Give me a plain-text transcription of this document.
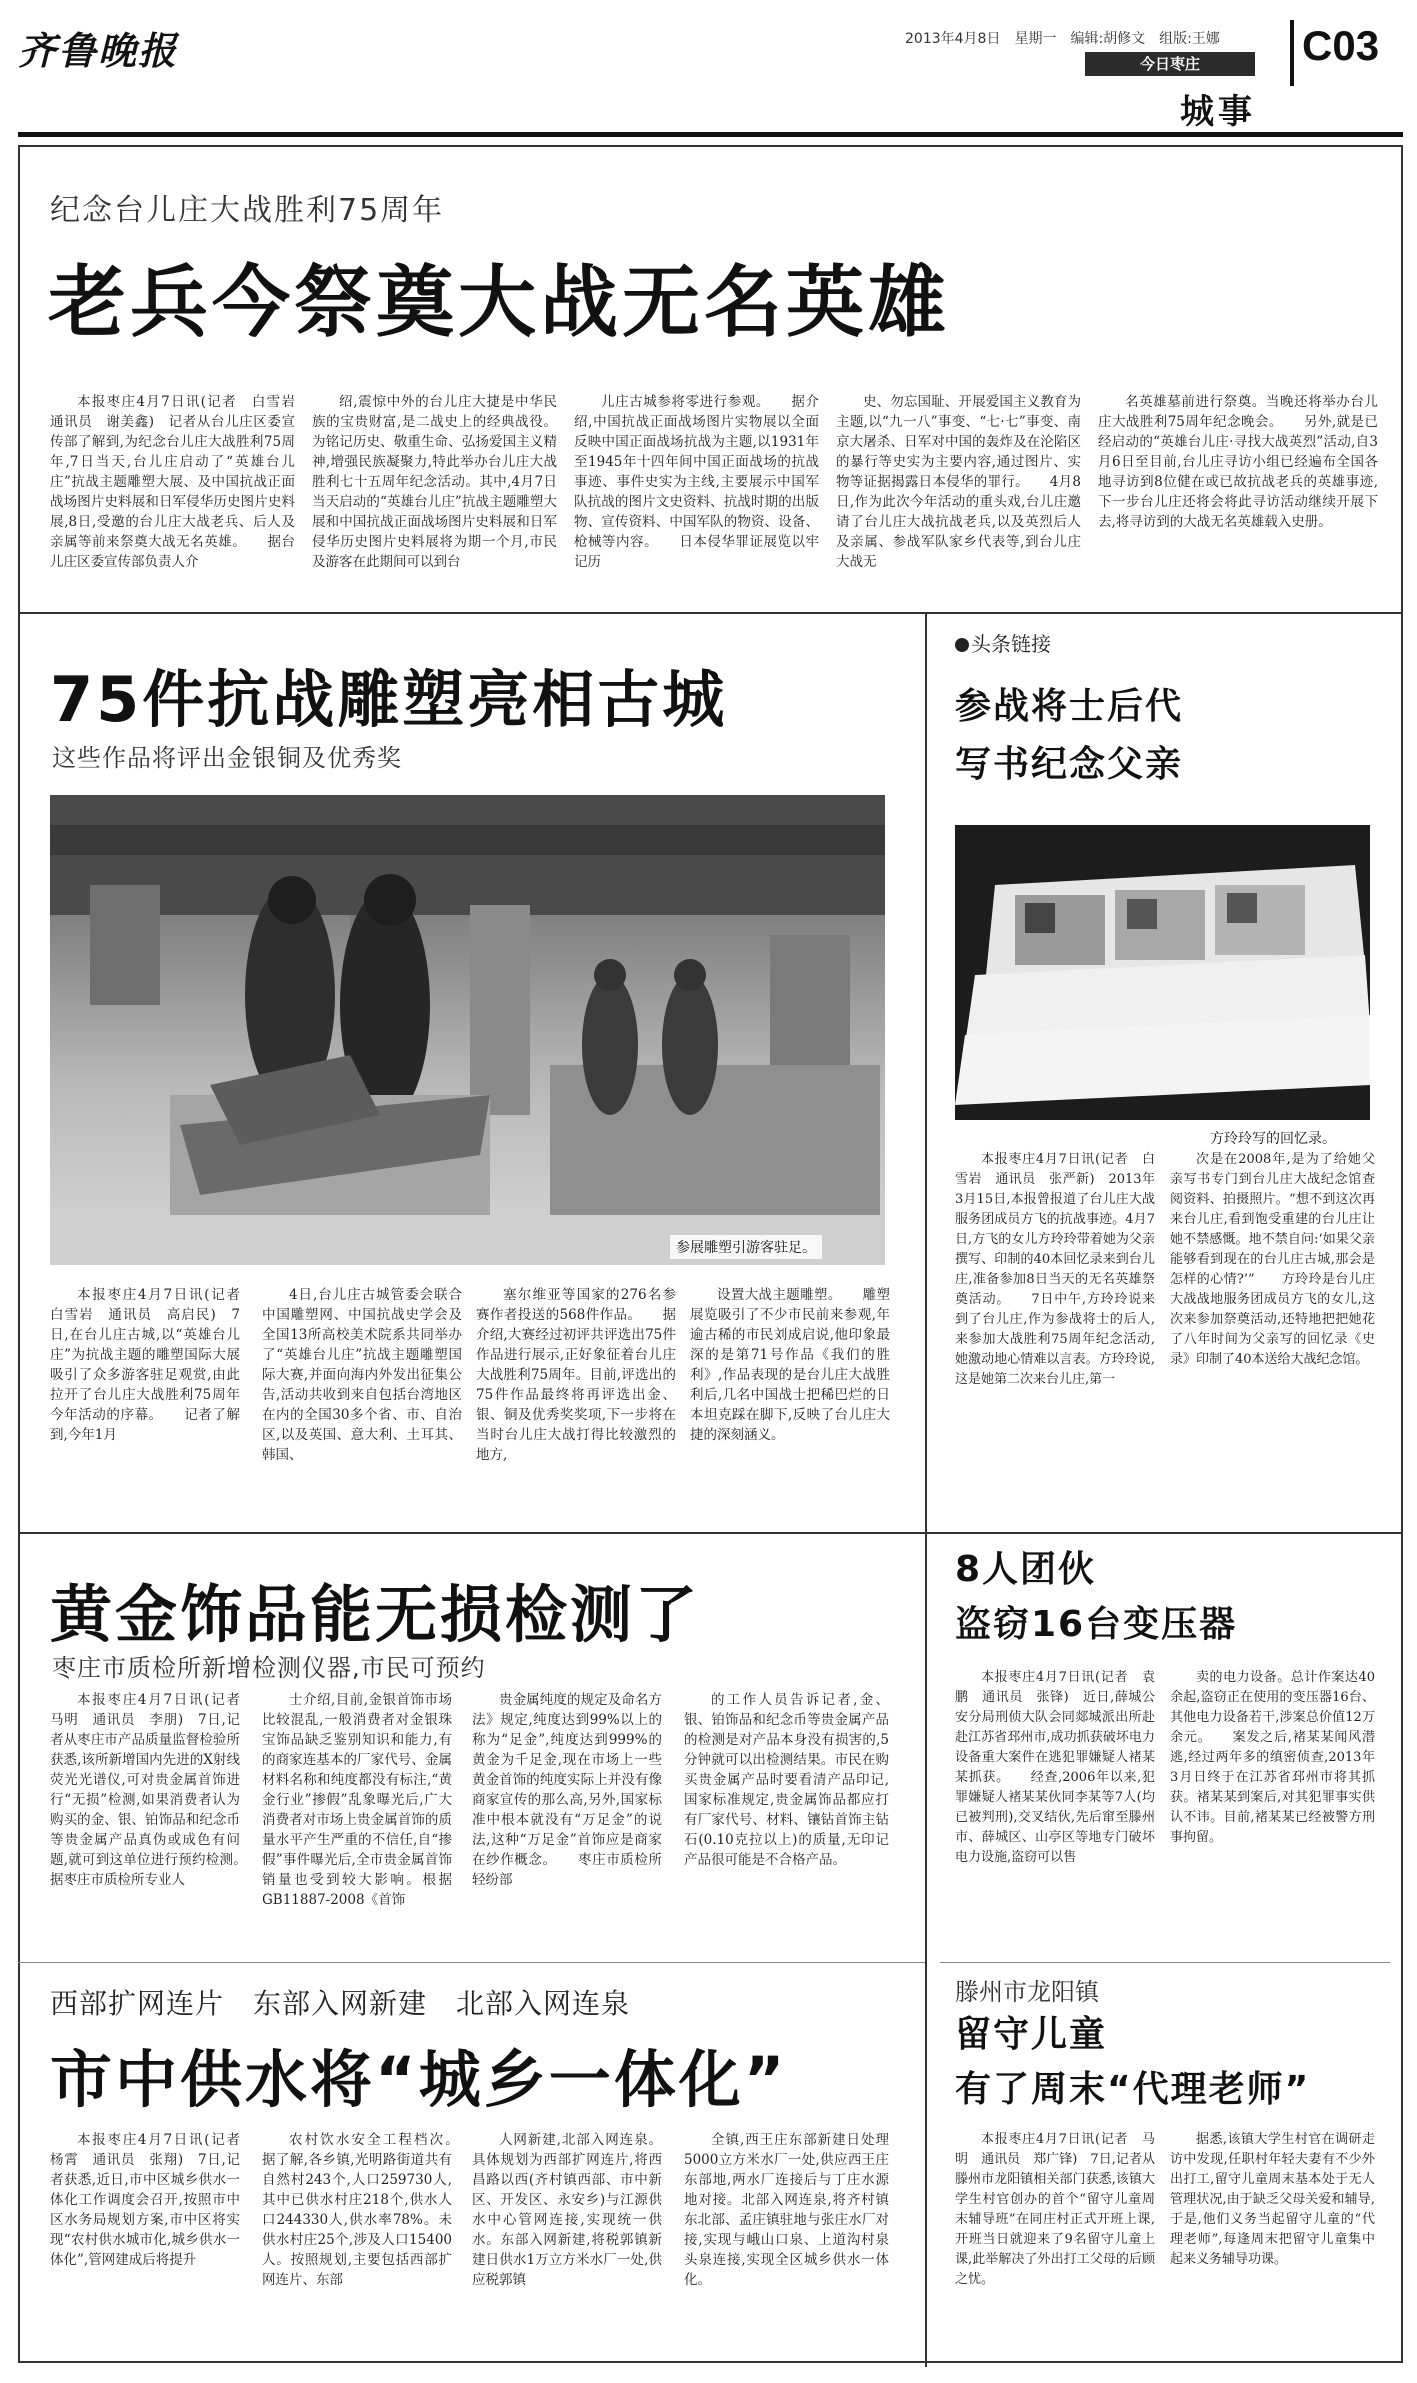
齐鲁晚报	2013年4月8日　星期一　编辑:胡修文　组版:王娜
今日枣庄
城事
C03
纪念台儿庄大战胜利75周年
老兵今祭奠大战无名英雄

本报枣庄4月7日讯(记者　白雪岩　通讯员　谢美鑫)　记者从台儿庄区委宣传部了解到,为纪念台儿庄大战胜利75周年,7日当天,台儿庄启动了“英雄台儿庄”抗战主题雕塑大展、及中国抗战正面战场图片史料展和日军侵华历史图片史料展,8日,受邀的台儿庄大战老兵、后人及亲属等前来祭奠大战无名英雄。　　据台儿庄区委宣传部负责人介

绍,震惊中外的台儿庄大捷是中华民族的宝贵财富,是二战史上的经典战役。为铭记历史、敬重生命、弘扬爱国主义精神,增强民族凝聚力,特此举办台儿庄大战胜利七十五周年纪念活动。其中,4月7日当天启动的“英雄台儿庄”抗战主题雕塑大展和中国抗战正面战场图片史料展和日军侵华历史图片史料展将为期一个月,市民及游客在此期间可以到台

儿庄古城参将零进行参观。　　据介绍,中国抗战正面战场图片实物展以全面反映中国正面战场抗战为主题,以1931年至1945年十四年间中国正面战场的抗战事迹、事件史实为主线,主要展示中国军队抗战的图片文史资料、抗战时期的出版物、宣传资料、中国军队的物资、设备、枪械等内容。　　日本侵华罪证展览以牢记历

史、勿忘国耻、开展爱国主义教育为主题,以“九一八”事变、“七·七”事变、南京大屠杀、日军对中国的轰炸及在沦陷区的暴行等史实为主要内容,通过图片、实物等证据揭露日本侵华的罪行。　　4月8日,作为此次今年活动的重头戏,台儿庄邀请了台儿庄大战抗战老兵,以及英烈后人及亲属、参战军队家乡代表等,到台儿庄大战无

名英雄墓前进行祭奠。当晚还将举办台儿庄大战胜利75周年纪念晚会。　　另外,就是已经启动的“英雄台儿庄·寻找大战英烈”活动,自3月6日至目前,台儿庄寻访小组已经遍布全国各地寻访到8位健在或已故抗战老兵的英雄事迹,下一步台儿庄还将会将此寻访活动继续开展下去,将寻访到的大战无名英雄载入史册。

75件抗战雕塑亮相古城
这些作品将评出金银铜及优秀奖
参展雕塑引游客驻足。

本报枣庄4月7日讯(记者　白雪岩　通讯员　高启民)　7日,在台儿庄古城,以“英雄台儿庄”为抗战主题的雕塑国际大展吸引了众多游客驻足观赏,由此拉开了台儿庄大战胜利75周年今年活动的序幕。　　记者了解到,今年1月

4日,台儿庄古城管委会联合中国雕塑网、中国抗战史学会及全国13所高校美术院系共同举办了“英雄台儿庄”抗战主题雕塑国际大赛,并面向海内外发出征集公告,活动共收到来自包括台湾地区在内的全国30多个省、市、自治区,以及英国、意大利、土耳其、韩国、

塞尔维亚等国家的276名参赛作者投送的568件作品。　　据介绍,大赛经过初评共评选出75件作品进行展示,正好象征着台儿庄大战胜利75周年。目前,评选出的75件作品最终将再评选出金、银、铜及优秀奖奖项,下一步将在当时台儿庄大战打得比较激烈的地方,

设置大战主题雕塑。　　雕塑展览吸引了不少市民前来参观,年逾古稀的市民刘成启说,他印象最深的是第71号作品《我们的胜利》,作品表现的是台儿庄大战胜利后,几名中国战士把稀巴烂的日本坦克踩在脚下,反映了台儿庄大捷的深刻涵义。

头条链接
参战将士后代
写书纪念父亲
方玲玲写的回忆录。

本报枣庄4月7日讯(记者　白雪岩　通讯员　张严新)　2013年3月15日,本报曾报道了台儿庄大战服务团成员方飞的抗战事迹。4月7日,方飞的女儿方玲玲带着她为父亲撰写、印制的40本回忆录来到台儿庄,准备参加8日当天的无名英雄祭奠活动。　　7日中午,方玲玲说来到了台儿庄,作为参战将士的后人,来参加大战胜利75周年纪念活动,她激动地心情难以言表。方玲玲说,这是她第二次来台儿庄,第一

次是在2008年,是为了给她父亲写书专门到台儿庄大战纪念馆查阅资料、拍摄照片。“想不到这次再来台儿庄,看到饱受重建的台儿庄让她不禁感慨。地不禁自问:‘如果父亲能够看到现在的台儿庄古城,那会是怎样的心情?’”　　方玲玲是台儿庄大战战地服务团成员方飞的女儿,这次来参加祭奠活动,还特地把把她花了八年时间为父亲写的回忆录《史录》印制了40本送给大战纪念馆。

黄金饰品能无损检测了
枣庄市质检所新增检测仪器,市民可预约

本报枣庄4月7日讯(记者　马明　通讯员　李朋)　7日,记者从枣庄市产品质量监督检验所获悉,该所新增国内先进的X射线荧光光谱仪,可对贵金属首饰进行“无损”检测,如果消费者认为购买的金、银、铂饰品和纪念币等贵金属产品真伪或成色有问题,就可到这单位进行预约检测。　　据枣庄市质检所专业人

士介绍,目前,金银首饰市场比较混乱,一般消费者对金银珠宝饰品缺乏鉴别知识和能力,有的商家连基本的厂家代号、金属材料名称和纯度都没有标注,“黄金行业”掺假”乱象曝光后,广大消费者对市场上贵金属首饰的质量水平产生严重的不信任,自“掺假”事件曝光后,全市贵金属首饰销量也受到较大影响。根据GB11887-2008《首饰

贵金属纯度的规定及命名方法》规定,纯度达到99%以上的称为“足金”,纯度达到999%的黄金为千足金,现在市场上一些黄金首饰的纯度实际上并没有像商家宣传的那么高,另外,国家标准中根本就没有“万足金”的说法,这种“万足金”首饰应是商家在纱作概念。　　枣庄市质检所轻纷部

的工作人员告诉记者,金、银、铂饰品和纪念币等贵金属产品的检测是对产品本身没有损害的,5分钟就可以出检测结果。市民在购买贵金属产品时要看清产品印记,国家标准规定,贵金属饰品都应打有厂家代号、材料、镶钻首饰主钻石(0.10克拉以上)的质量,无印记产品很可能是不合格产品。

8人团伙
盗窃16台变压器

本报枣庄4月7日讯(记者　袁鹏　通讯员　张锋)　近日,薛城公安分局刑侦大队会同郯城派出所赴赴江苏省邳州市,成功抓获破坏电力设备重大案件在逃犯罪嫌疑人褚某某抓获。　　经查,2006年以来,犯罪嫌疑人褚某某伙同李某等7人(均已被判刑),交叉结伙,先后窜至滕州市、薛城区、山亭区等地专门破坏电力设施,盗窃可以售

卖的电力设备。总计作案达40余起,盗窃正在使用的变压器16台、其他电力设备若干,涉案总价值12万余元。　　案发之后,褚某某闻风潜逃,经过两年多的缜密侦查,2013年3月日终于在江苏省邳州市将其抓获。褚某某到案后,对其犯罪事实供认不讳。目前,褚某某已经被警方刑事拘留。

滕州市龙阳镇
留守儿童
有了周末“代理老师”

本报枣庄4月7日讯(记者　马明　通讯员　郑广锋)　7日,记者从滕州市龙阳镇相关部门获悉,该镇大学生村官创办的首个“留守儿童周末辅导班”在同庄村正式开班上课,开班当日就迎来了9名留守儿童上课,此举解决了外出打工父母的后顾之忧。

据悉,该镇大学生村官在调研走访中发现,任职村年轻夫妻有不少外出打工,留守儿童周末基本处于无人管理状况,由于缺乏父母关爱和辅导,于是,他们义务当起留守儿童的“代理老师”,每逢周末把留守儿童集中起来义务辅导功课。

西部扩网连片　东部入网新建　北部入网连泉
市中供水将“城乡一体化”

本报枣庄4月7日讯(记者　杨霄　通讯员　张翔)　7日,记者获悉,近日,市中区城乡供水一体化工作调度会召开,按照市中区水务局规划方案,市中区将实现“农村供水城市化,城乡供水一体化”,管网建成后将提升

农村饮水安全工程档次。　　据了解,各乡镇,光明路街道共有自然村243个,人口259730人,其中已供水村庄218个,供水人口244330人,供水率78%。未供水村庄25个,涉及人口15400人。按照规划,主要包括西部扩网连片、东部

人网新建,北部入网连泉。具体规划为西部扩网连片,将西昌路以西(齐村镇西部、市中新区、开发区、永安乡)与江源供水中心管网连接,实现统一供水。东部入网新建,将税郭镇新建日供水1万立方米水厂一处,供应税郭镇

全镇,西王庄东部新建日处理5000立方米水厂一处,供应西王庄东部地,两水厂连接后与丁庄水源地对接。北部入网连泉,将齐村镇东北部、孟庄镇驻地与张庄水厂对接,实现与峨山口泉、上道沟村泉头泉连接,实现全区城乡供水一体化。
